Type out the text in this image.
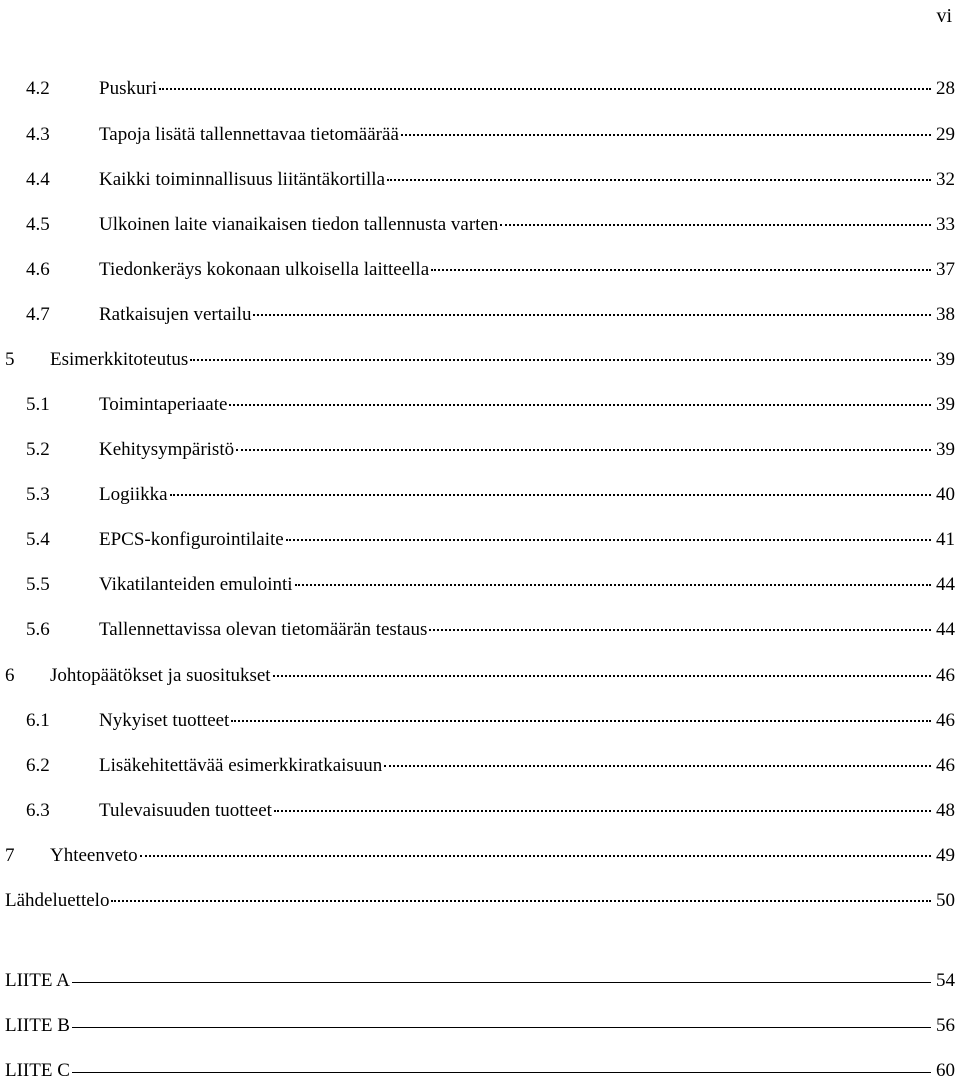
vi
4.2	Puskuri	28
4.3	Tapoja lisätä tallennettavaa tietomäärää	29
4.4	Kaikki toiminnallisuus liitäntäkortilla	32
4.5	Ulkoinen laite vianaikaisen tiedon tallennusta varten	33
4.6	Tiedonkeräys kokonaan ulkoisella laitteella	37
4.7	Ratkaisujen vertailu	38
5	Esimerkkitoteutus	39
5.1	Toimintaperiaate	39
5.2	Kehitysympäristö	39
5.3	Logiikka	40
5.4	EPCS-konfigurointilaite	41
5.5	Vikatilanteiden emulointi	44
5.6	Tallennettavissa olevan tietomäärän testaus	44
6	Johtopäätökset ja suositukset	46
6.1	Nykyiset tuotteet	46
6.2	Lisäkehitettävää esimerkkiratkaisuun	46
6.3	Tulevaisuuden tuotteet	48
7	Yhteenveto	49
Lähdeluettelo	50
LIITE A	54
LIITE B	56
LIITE C	60
